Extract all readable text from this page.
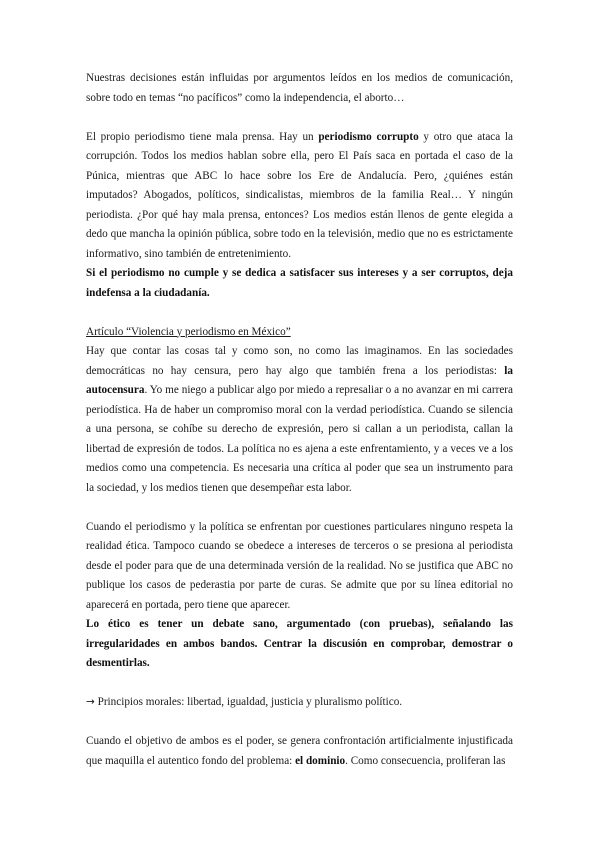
Nuestras decisiones están influidas por argumentos leídos en los medios de comunicación, sobre todo en temas “no pacíficos” como la independencia, el aborto…

El propio periodismo tiene mala prensa. Hay un periodismo corrupto y otro que ataca la corrupción. Todos los medios hablan sobre ella, pero El País saca en portada el caso de la Púnica, mientras que ABC lo hace sobre los Ere de Andalucía. Pero, ¿quiénes están imputados? Abogados, políticos, sindicalistas, miembros de la familia Real… Y ningún periodista. ¿Por qué hay mala prensa, entonces? Los medios están llenos de gente elegida a dedo que mancha la opinión pública, sobre todo en la televisión, medio que no es estrictamente informativo, sino también de entretenimiento.

Si el periodismo no cumple y se dedica a satisfacer sus intereses y a ser corruptos, deja indefensa a la ciudadanía.

Artículo “Violencia y periodismo en México”

Hay que contar las cosas tal y como son, no como las imaginamos. En las sociedades democráticas no hay censura, pero hay algo que también frena a los periodistas: la autocensura. Yo me niego a publicar algo por miedo a represaliar o a no avanzar en mi carrera periodística. Ha de haber un compromiso moral con la verdad periodística. Cuando se silencia a una persona, se cohíbe su derecho de expresión, pero si callan a un periodista, callan la libertad de expresión de todos. La política no es ajena a este enfrentamiento, y a veces ve a los medios como una competencia. Es necesaria una crítica al poder que sea un instrumento para la sociedad, y los medios tienen que desempeñar esta labor.

Cuando el periodismo y la política se enfrentan por cuestiones particulares ninguno respeta la realidad ética. Tampoco cuando se obedece a intereses de terceros o se presiona al periodista desde el poder para que de una determinada versión de la realidad. No se justifica que ABC no publique los casos de pederastia por parte de curas. Se admite que por su línea editorial no aparecerá en portada, pero tiene que aparecer.

Lo ético es tener un debate sano, argumentado (con pruebas), señalando las irregularidades en ambos bandos. Centrar la discusión en comprobar, demostrar o desmentirlas.

→ Principios morales: libertad, igualdad, justicia y pluralismo político.

Cuando el objetivo de ambos es el poder, se genera confrontación artificialmente injustificada que maquilla el autentico fondo del problema: el dominio. Como consecuencia, proliferan las
